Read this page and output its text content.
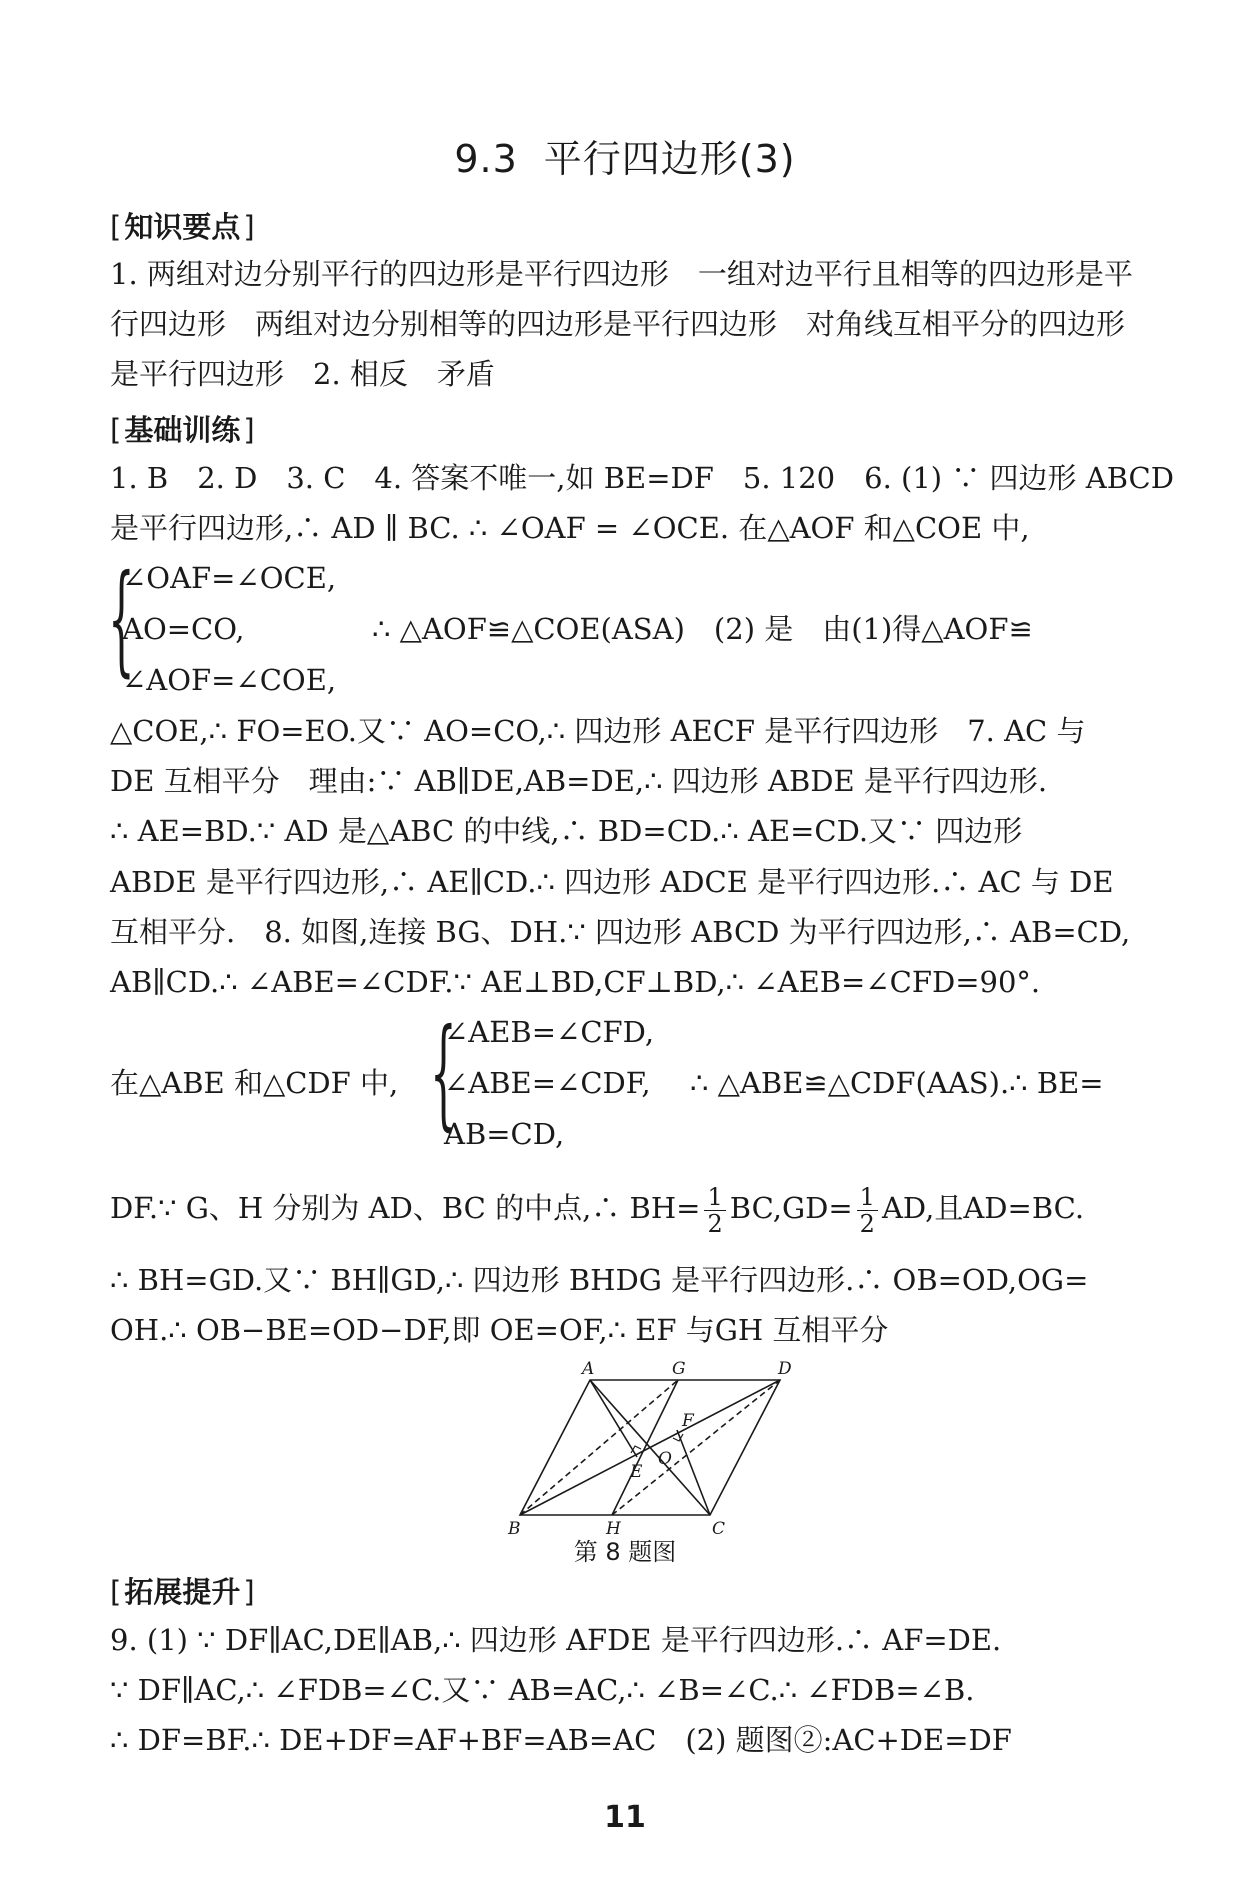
9.3 平行四边形(3)
[ 知识要点 ]
1. 两组对边分别平行的四边形是平行四边形　一组对边平行且相等的四边形是平
行四边形　两组对边分别相等的四边形是平行四边形　对角线互相平分的四边形
是平行四边形　2. 相反　矛盾
[ 基础训练 ]
1. B　2. D　3. C　4. 答案不唯一,如 BE=DF　5. 120　6. (1) ∵ 四边形 ABCD
是平行四边形,∴ AD ∥ BC. ∴ ∠OAF = ∠OCE. 在△AOF 和△COE 中,
{
∠OAF=∠OCE,
AO=CO,
∠AOF=∠COE,
∴ △AOF≌△COE(ASA)　(2) 是　由(1)得△AOF≌
△COE,∴ FO=EO.又∵ AO=CO,∴ 四边形 AECF 是平行四边形　7. AC 与
DE 互相平分　理由:∵ AB∥DE,AB=DE,∴ 四边形 ABDE 是平行四边形.
∴ AE=BD.∵ AD 是△ABC 的中线,∴ BD=CD.∴ AE=CD.又∵ 四边形
ABDE 是平行四边形,∴ AE∥CD.∴ 四边形 ADCE 是平行四边形.∴ AC 与 DE
互相平分.　8. 如图,连接 BG、DH.∵ 四边形 ABCD 为平行四边形,∴ AB=CD,
AB∥CD.∴ ∠ABE=∠CDF.∵ AE⊥BD,CF⊥BD,∴ ∠AEB=∠CFD=90°.
在△ABE 和△CDF 中, {
∠AEB=∠CFD,
∠ABE=∠CDF,
AB=CD,
∴ △ABE≌△CDF(AAS).∴ BE=
DF.∵ G、H 分别为 AD、BC 的中点,∴ $BH= \frac{1}{2} BC,GD= \frac{1}{2}$ AD,且AD=BC.
∴ BH=GD.又∵ BH∥GD,∴ 四边形 BHDG 是平行四边形.∴ OB=OD,OG=
OH.∴ OB−BE=OD−DF,即 OE=OF,∴ EF 与GH 互相平分
A	G	D
F
E
O
B	H	C
第 8 题图
[ 拓展提升 ]
9. (1) ∵ DF∥AC,DE∥AB,∴ 四边形 AFDE 是平行四边形.∴ AF=DE.
∵ DF∥AC,∴ ∠FDB=∠C.又∵ AB=AC,∴ ∠B=∠C.∴ ∠FDB=∠B.
∴ DF=BF.∴ DE+DF=AF+BF=AB=AC　(2) 题图②:AC+DE=DF
11
